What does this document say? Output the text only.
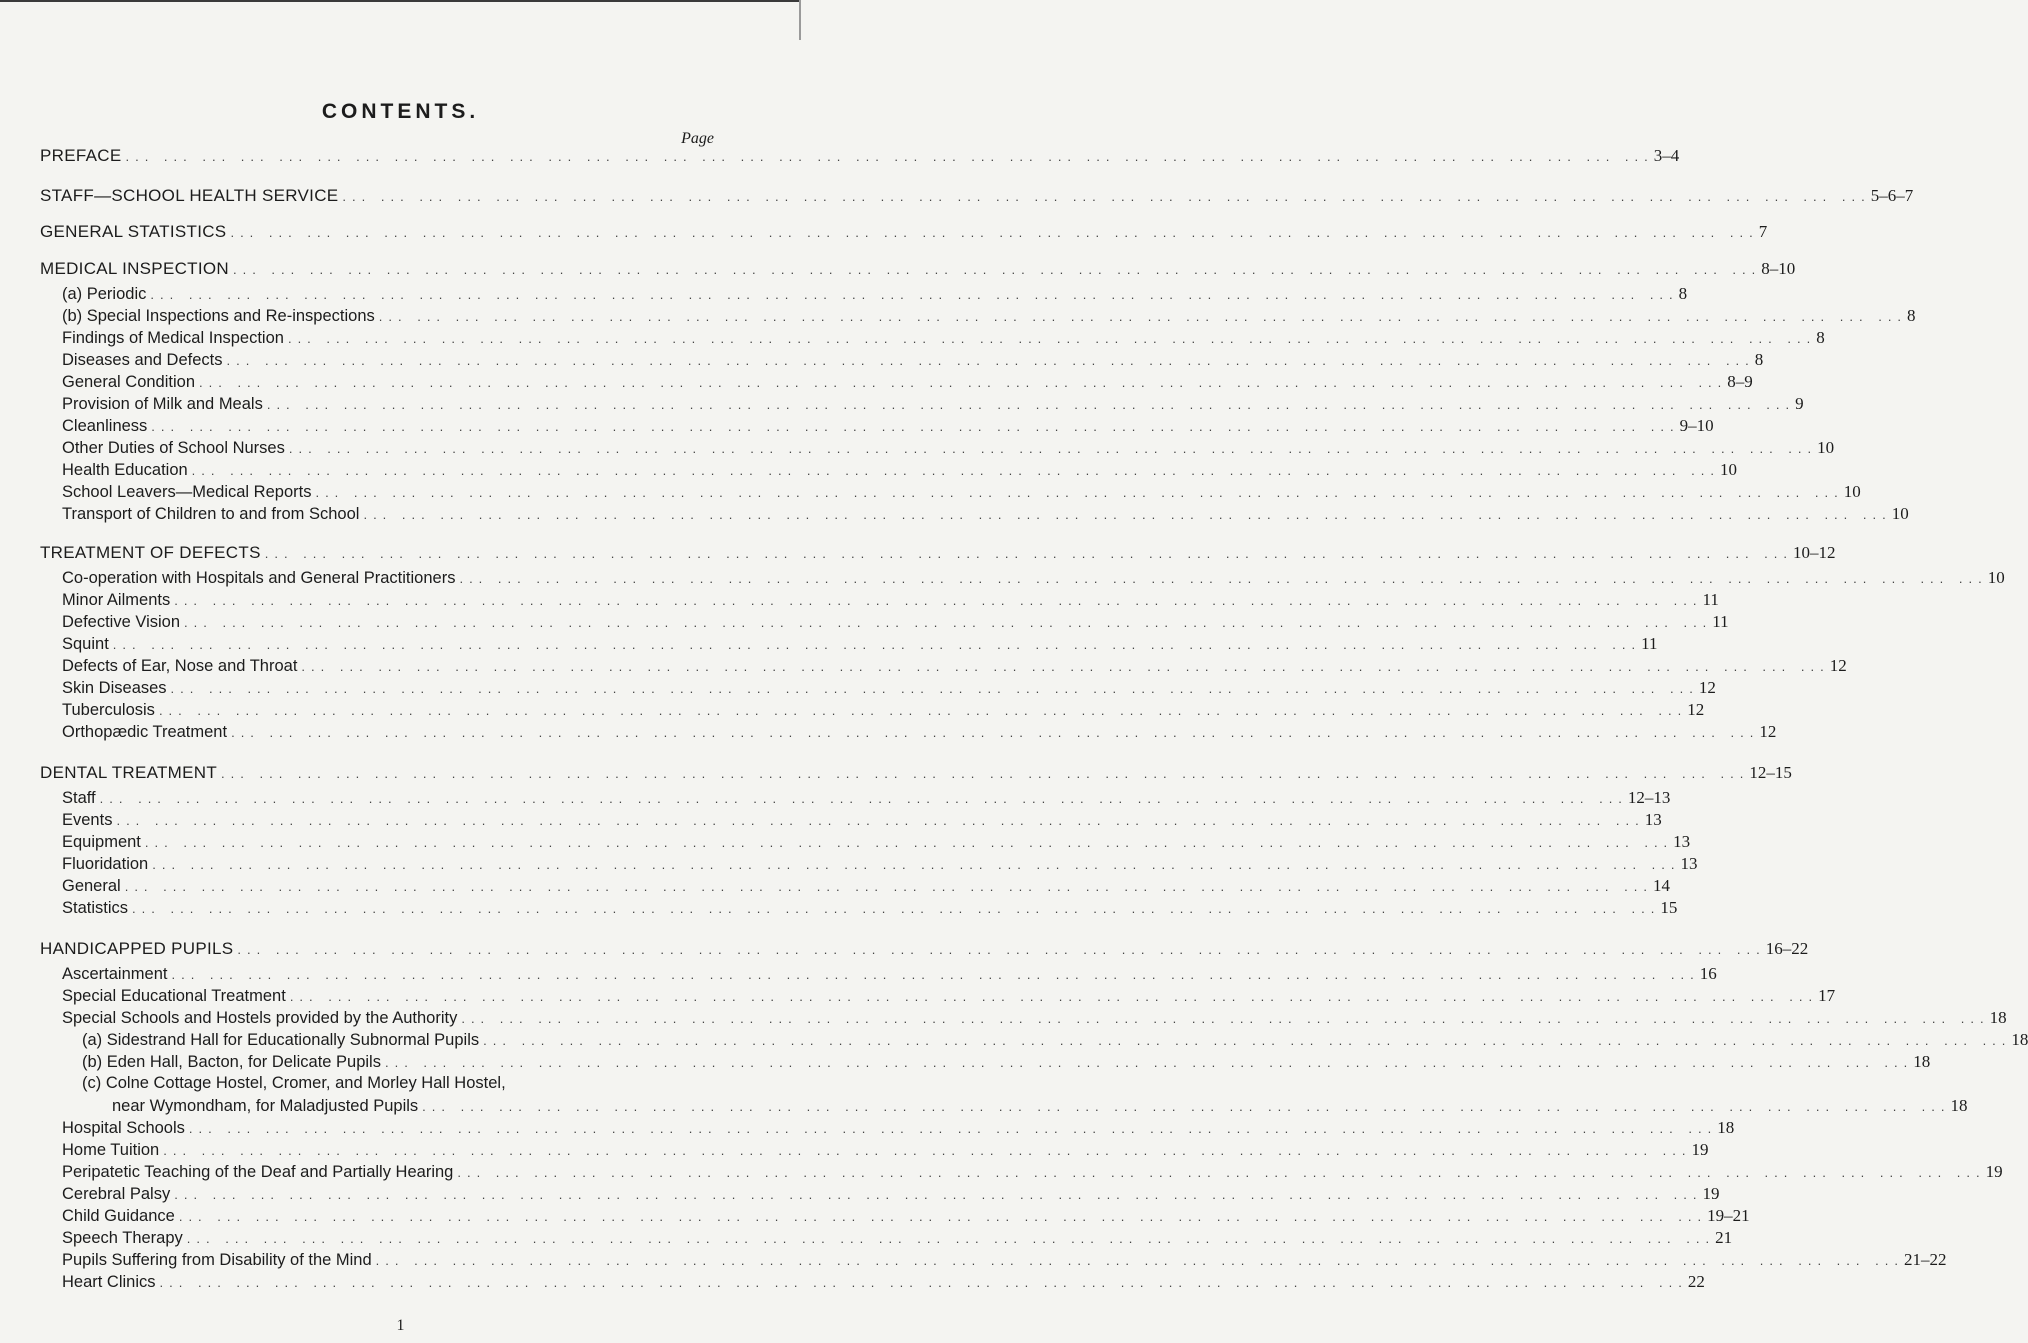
CONTENTS.
Page
PREFACE ... ... ... ... ... ... ... ... ... ... ... ... ... ... ... ... ... ... ... ... ... ... ... ... ... ... ... ... ... ... ... ... ... ... ... ... ... ... ... ... 3–4
STAFF—SCHOOL HEALTH SERVICE ... ... ... ... ... ... ... ... ... ... ... ... ... ... ... ... ... ... ... ... ... ... ... ... ... ... ... ... ... ... ... ... ... ... ... ... ... ... ... ... 5–6–7
GENERAL STATISTICS ... ... ... ... ... ... ... ... ... ... ... ... ... ... ... ... ... ... ... ... ... ... ... ... ... ... ... ... ... ... ... ... ... ... ... ... ... ... ... ... 7
MEDICAL INSPECTION ... ... ... ... ... ... ... ... ... ... ... ... ... ... ... ... ... ... ... ... ... ... ... ... ... ... ... ... ... ... ... ... ... ... ... ... ... ... ... ... 8–10
(a) Periodic ... ... ... ... ... ... ... ... ... ... ... ... ... ... ... ... ... ... ... ... ... ... ... ... ... ... ... ... ... ... ... ... ... ... ... ... ... ... ... ... 8
(b) Special Inspections and Re-inspections ... ... ... ... ... ... ... ... ... ... ... ... ... ... ... ... ... ... ... ... ... ... ... ... ... ... ... ... ... ... ... ... ... ... ... ... ... ... ... ... 8
Findings of Medical Inspection ... ... ... ... ... ... ... ... ... ... ... ... ... ... ... ... ... ... ... ... ... ... ... ... ... ... ... ... ... ... ... ... ... ... ... ... ... ... ... ... 8
Diseases and Defects ... ... ... ... ... ... ... ... ... ... ... ... ... ... ... ... ... ... ... ... ... ... ... ... ... ... ... ... ... ... ... ... ... ... ... ... ... ... ... ... 8
General Condition ... ... ... ... ... ... ... ... ... ... ... ... ... ... ... ... ... ... ... ... ... ... ... ... ... ... ... ... ... ... ... ... ... ... ... ... ... ... ... ... 8–9
Provision of Milk and Meals ... ... ... ... ... ... ... ... ... ... ... ... ... ... ... ... ... ... ... ... ... ... ... ... ... ... ... ... ... ... ... ... ... ... ... ... ... ... ... ... 9
Cleanliness ... ... ... ... ... ... ... ... ... ... ... ... ... ... ... ... ... ... ... ... ... ... ... ... ... ... ... ... ... ... ... ... ... ... ... ... ... ... ... ... 9–10
Other Duties of School Nurses ... ... ... ... ... ... ... ... ... ... ... ... ... ... ... ... ... ... ... ... ... ... ... ... ... ... ... ... ... ... ... ... ... ... ... ... ... ... ... ... 10
Health Education ... ... ... ... ... ... ... ... ... ... ... ... ... ... ... ... ... ... ... ... ... ... ... ... ... ... ... ... ... ... ... ... ... ... ... ... ... ... ... ... 10
School Leavers—Medical Reports ... ... ... ... ... ... ... ... ... ... ... ... ... ... ... ... ... ... ... ... ... ... ... ... ... ... ... ... ... ... ... ... ... ... ... ... ... ... ... ... 10
Transport of Children to and from School ... ... ... ... ... ... ... ... ... ... ... ... ... ... ... ... ... ... ... ... ... ... ... ... ... ... ... ... ... ... ... ... ... ... ... ... ... ... ... ... 10
TREATMENT OF DEFECTS ... ... ... ... ... ... ... ... ... ... ... ... ... ... ... ... ... ... ... ... ... ... ... ... ... ... ... ... ... ... ... ... ... ... ... ... ... ... ... ... 10–12
Co-operation with Hospitals and General Practitioners ... ... ... ... ... ... ... ... ... ... ... ... ... ... ... ... ... ... ... ... ... ... ... ... ... ... ... ... ... ... ... ... ... ... ... ... ... ... ... ... 10
Minor Ailments ... ... ... ... ... ... ... ... ... ... ... ... ... ... ... ... ... ... ... ... ... ... ... ... ... ... ... ... ... ... ... ... ... ... ... ... ... ... ... ... 11
Defective Vision ... ... ... ... ... ... ... ... ... ... ... ... ... ... ... ... ... ... ... ... ... ... ... ... ... ... ... ... ... ... ... ... ... ... ... ... ... ... ... ... 11
Squint ... ... ... ... ... ... ... ... ... ... ... ... ... ... ... ... ... ... ... ... ... ... ... ... ... ... ... ... ... ... ... ... ... ... ... ... ... ... ... ... 11
Defects of Ear, Nose and Throat ... ... ... ... ... ... ... ... ... ... ... ... ... ... ... ... ... ... ... ... ... ... ... ... ... ... ... ... ... ... ... ... ... ... ... ... ... ... ... ... 12
Skin Diseases ... ... ... ... ... ... ... ... ... ... ... ... ... ... ... ... ... ... ... ... ... ... ... ... ... ... ... ... ... ... ... ... ... ... ... ... ... ... ... ... 12
Tuberculosis ... ... ... ... ... ... ... ... ... ... ... ... ... ... ... ... ... ... ... ... ... ... ... ... ... ... ... ... ... ... ... ... ... ... ... ... ... ... ... ... 12
Orthopædic Treatment ... ... ... ... ... ... ... ... ... ... ... ... ... ... ... ... ... ... ... ... ... ... ... ... ... ... ... ... ... ... ... ... ... ... ... ... ... ... ... ... 12
DENTAL TREATMENT ... ... ... ... ... ... ... ... ... ... ... ... ... ... ... ... ... ... ... ... ... ... ... ... ... ... ... ... ... ... ... ... ... ... ... ... ... ... ... ... 12–15
Staff ... ... ... ... ... ... ... ... ... ... ... ... ... ... ... ... ... ... ... ... ... ... ... ... ... ... ... ... ... ... ... ... ... ... ... ... ... ... ... ... 12–13
Events ... ... ... ... ... ... ... ... ... ... ... ... ... ... ... ... ... ... ... ... ... ... ... ... ... ... ... ... ... ... ... ... ... ... ... ... ... ... ... ... 13
Equipment ... ... ... ... ... ... ... ... ... ... ... ... ... ... ... ... ... ... ... ... ... ... ... ... ... ... ... ... ... ... ... ... ... ... ... ... ... ... ... ... 13
Fluoridation ... ... ... ... ... ... ... ... ... ... ... ... ... ... ... ... ... ... ... ... ... ... ... ... ... ... ... ... ... ... ... ... ... ... ... ... ... ... ... ... 13
General ... ... ... ... ... ... ... ... ... ... ... ... ... ... ... ... ... ... ... ... ... ... ... ... ... ... ... ... ... ... ... ... ... ... ... ... ... ... ... ... 14
Statistics ... ... ... ... ... ... ... ... ... ... ... ... ... ... ... ... ... ... ... ... ... ... ... ... ... ... ... ... ... ... ... ... ... ... ... ... ... ... ... ... 15
HANDICAPPED PUPILS ... ... ... ... ... ... ... ... ... ... ... ... ... ... ... ... ... ... ... ... ... ... ... ... ... ... ... ... ... ... ... ... ... ... ... ... ... ... ... ... 16–22
Ascertainment ... ... ... ... ... ... ... ... ... ... ... ... ... ... ... ... ... ... ... ... ... ... ... ... ... ... ... ... ... ... ... ... ... ... ... ... ... ... ... ... 16
Special Educational Treatment ... ... ... ... ... ... ... ... ... ... ... ... ... ... ... ... ... ... ... ... ... ... ... ... ... ... ... ... ... ... ... ... ... ... ... ... ... ... ... ... 17
Special Schools and Hostels provided by the Authority ... ... ... ... ... ... ... ... ... ... ... ... ... ... ... ... ... ... ... ... ... ... ... ... ... ... ... ... ... ... ... ... ... ... ... ... ... ... ... ... 18
(a) Sidestrand Hall for Educationally Subnormal Pupils ... ... ... ... ... ... ... ... ... ... ... ... ... ... ... ... ... ... ... ... ... ... ... ... ... ... ... ... ... ... ... ... ... ... ... ... ... ... ... ... 18
(b) Eden Hall, Bacton, for Delicate Pupils ... ... ... ... ... ... ... ... ... ... ... ... ... ... ... ... ... ... ... ... ... ... ... ... ... ... ... ... ... ... ... ... ... ... ... ... ... ... ... ... 18
(c) Colne Cottage Hostel, Cromer, and Morley Hall Hostel,
near Wymondham, for Maladjusted Pupils ... ... ... ... ... ... ... ... ... ... ... ... ... ... ... ... ... ... ... ... ... ... ... ... ... ... ... ... ... ... ... ... ... ... ... ... ... ... ... ... 18
Hospital Schools ... ... ... ... ... ... ... ... ... ... ... ... ... ... ... ... ... ... ... ... ... ... ... ... ... ... ... ... ... ... ... ... ... ... ... ... ... ... ... ... 18
Home Tuition ... ... ... ... ... ... ... ... ... ... ... ... ... ... ... ... ... ... ... ... ... ... ... ... ... ... ... ... ... ... ... ... ... ... ... ... ... ... ... ... 19
Peripatetic Teaching of the Deaf and Partially Hearing ... ... ... ... ... ... ... ... ... ... ... ... ... ... ... ... ... ... ... ... ... ... ... ... ... ... ... ... ... ... ... ... ... ... ... ... ... ... ... ... 19
Cerebral Palsy ... ... ... ... ... ... ... ... ... ... ... ... ... ... ... ... ... ... ... ... ... ... ... ... ... ... ... ... ... ... ... ... ... ... ... ... ... ... ... ... 19
Child Guidance ... ... ... ... ... ... ... ... ... ... ... ... ... ... ... ... ... ... ... ... ... ... ... ... ... ... ... ... ... ... ... ... ... ... ... ... ... ... ... ... 19–21
Speech Therapy ... ... ... ... ... ... ... ... ... ... ... ... ... ... ... ... ... ... ... ... ... ... ... ... ... ... ... ... ... ... ... ... ... ... ... ... ... ... ... ... 21
Pupils Suffering from Disability of the Mind ... ... ... ... ... ... ... ... ... ... ... ... ... ... ... ... ... ... ... ... ... ... ... ... ... ... ... ... ... ... ... ... ... ... ... ... ... ... ... ... 21–22
Heart Clinics ... ... ... ... ... ... ... ... ... ... ... ... ... ... ... ... ... ... ... ... ... ... ... ... ... ... ... ... ... ... ... ... ... ... ... ... ... ... ... ... 22
1
